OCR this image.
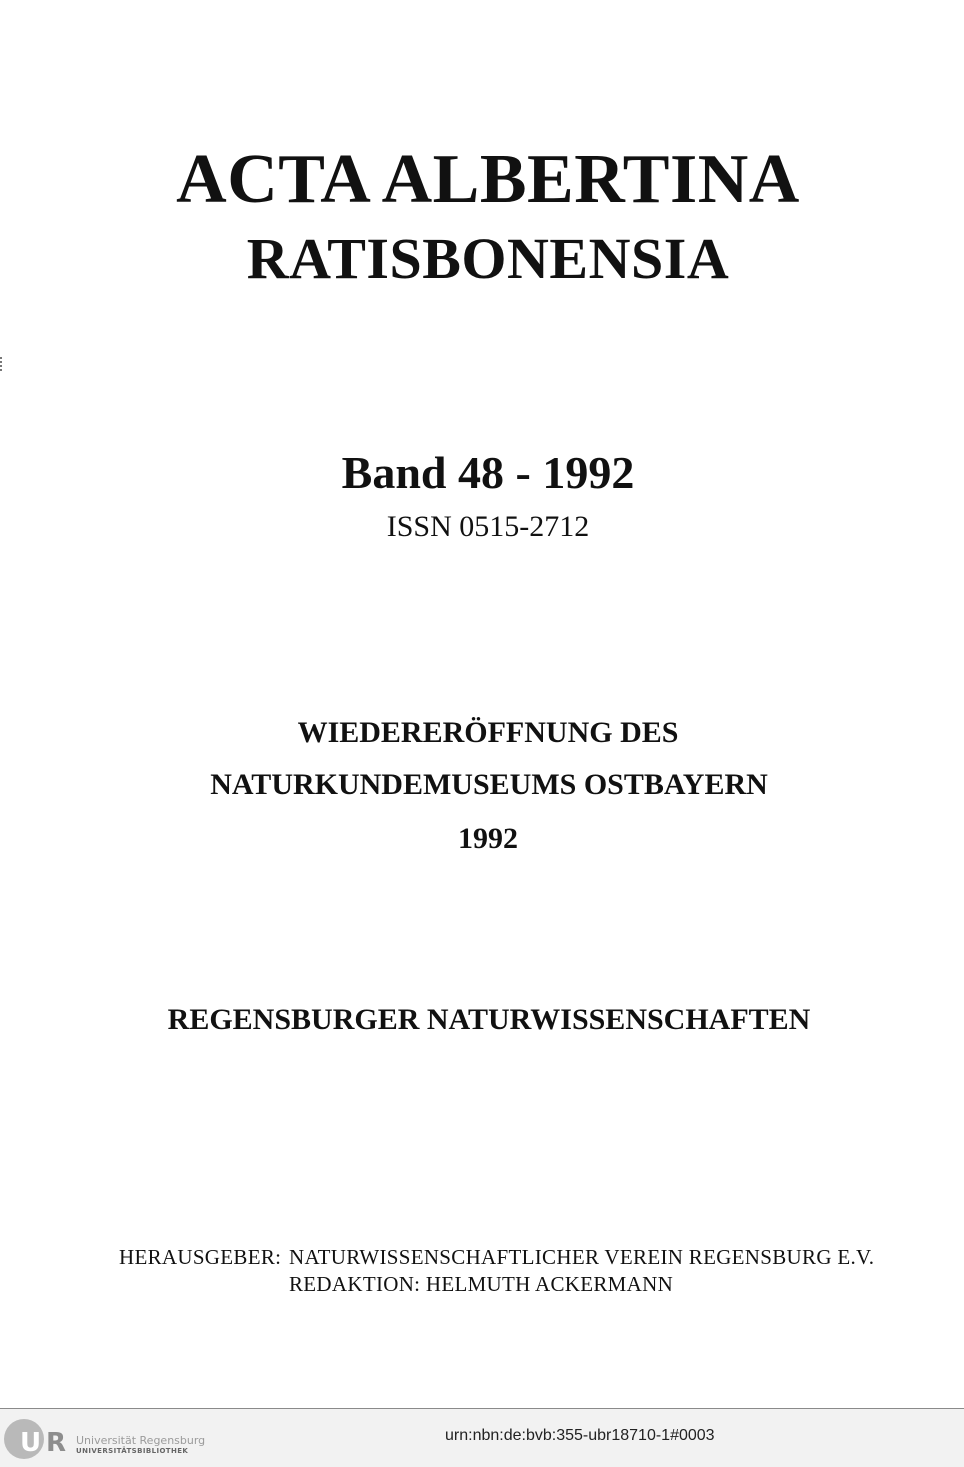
ACTA ALBERTINA
RATISBONENSIA
Band 48 - 1992
ISSN 0515-2712
WIEDERERÖFFNUNG DES
NATURKUNDEMUSEUMS OSTBAYERN
1992
REGENSBURGER NATURWISSENSCHAFTEN
HERAUSGEBER: NATURWISSENSCHAFTLICHER VEREIN REGENSBURG E.V.
REDAKTION: HELMUTH ACKERMANN
U R Universität Regensburg
UNIVERSITÄTSBIBLIOTHEK
urn:nbn:de:bvb:355-ubr18710-1#0003
